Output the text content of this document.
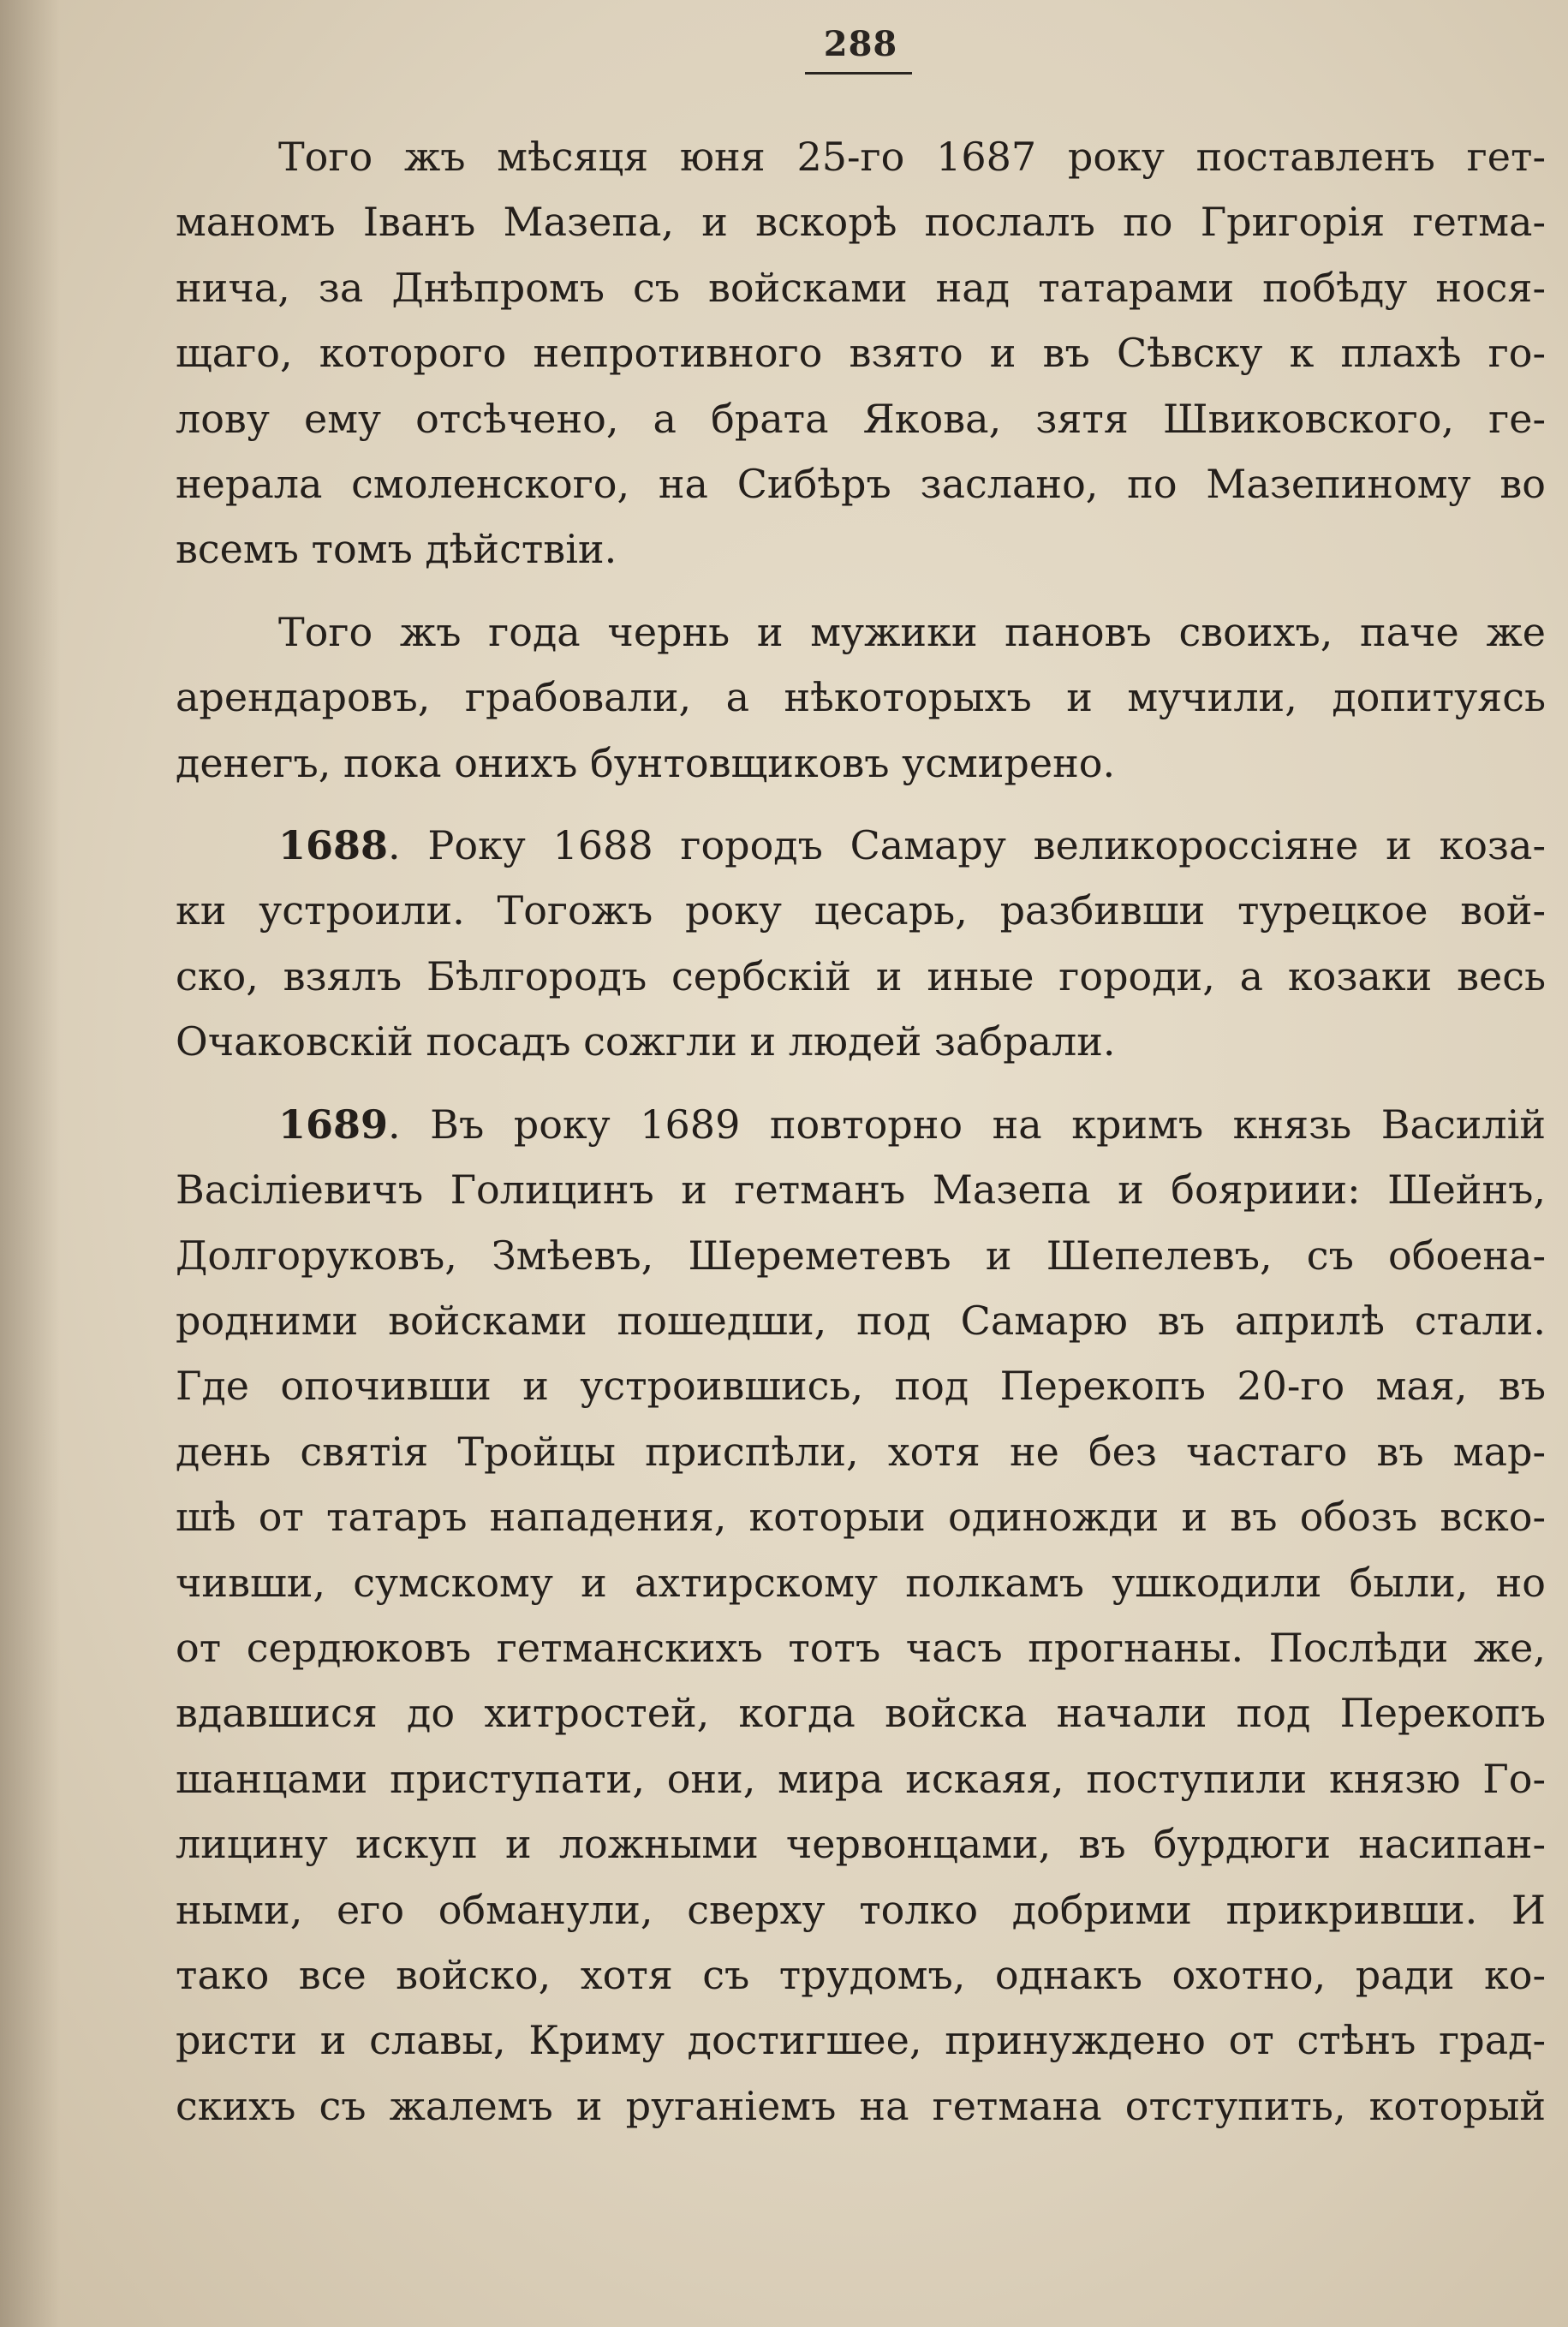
288
Того жъ мѣсяця юня 25-го 1687 року поставленъ гет-
маномъ Іванъ Мазепа, и вскорѣ послалъ по Григорія гетма-
нича, за Днѣпромъ съ войсками над татарами побѣду нося-
щаго, которого непротивного взято и въ Сѣвску к плахѣ го-
лову ему отсѣчено, а брата Якова, зятя Швиковского, ге-
нерала смоленского, на Сибѣръ заслано, по Мазепиному во
всемъ томъ дѣйствіи.
Того жъ года чернь и мужики пановъ своихъ, паче же
арендаровъ, грабовали, а нѣкоторыхъ и мучили, допитуясь
денегъ, пока онихъ бунтовщиковъ усмирено.
1688. Року 1688 городъ Самару великороссіяне и коза-
ки устроили. Тогожъ року цесарь, разбивши турецкое вой-
ско, взялъ Бѣлгородъ сербскій и иные городи, а козаки весь
Очаковскій посадъ сожгли и людей забрали.
1689. Въ року 1689 повторно на кримъ князь Василій
Васіліевичъ Голицинъ и гетманъ Мазепа и бояриии: Шейнъ,
Долгоруковъ, Змѣевъ, Шереметевъ и Шепелевъ, съ обоена-
родними войсками пошедши, под Самарю въ априлѣ стали.
Где опочивши и устроившись, под Перекопъ 20-го мая, въ
день святія Тройцы приспѣли, хотя не без частаго въ мар-
шѣ от татаръ нападения, которыи одиножди и въ обозъ вско-
чивши, сумскому и ахтирскому полкамъ ушкодили были, но
от сердюковъ гетманскихъ тотъ часъ прогнаны. Послѣди же,
вдавшися до хитростей, когда войска начали под Перекопъ
шанцами приступати, они, мира искаяя, поступили князю Го-
лицину искуп и ложными червонцами, въ бурдюги насипан-
ными, его обманули, сверху толко добрими прикривши. И
тако все войско, хотя съ трудомъ, однакъ охотно, ради ко-
ристи и славы, Криму достигшее, принуждено от стѣнъ град-
скихъ съ жалемъ и руганіемъ на гетмана отступить, который
